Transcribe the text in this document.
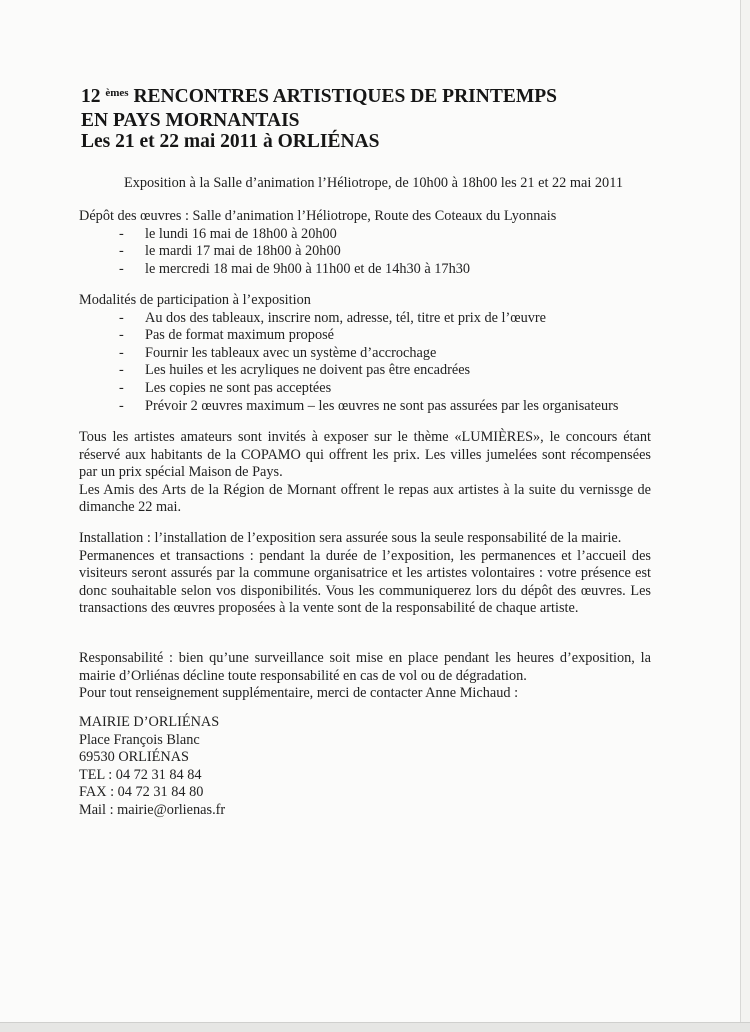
12 $^{èmes}$ RENCONTRES ARTISTIQUES DE PRINTEMPS
EN PAYS MORNANTAIS
Les 21 et 22 mai 2011 à ORLIÉNAS
Exposition à la Salle d’animation l’Héliotrope, de 10h00 à 18h00 les 21 et 22 mai 2011

Dépôt des œuvres : Salle d’animation l’Héliotrope, Route des Coteaux du Lyonnais

- le lundi 16 mai de 18h00 à 20h00
- le mardi 17 mai de 18h00 à 20h00
- le mercredi 18 mai de 9h00 à 11h00 et de 14h30 à 17h30

Modalités de participation à l’exposition

- Au dos des tableaux, inscrire nom, adresse, tél, titre et prix de l’œuvre
- Pas de format maximum proposé
- Fournir les tableaux avec un système d’accrochage
- Les huiles et les acryliques ne doivent pas être encadrées
- Les copies ne sont pas acceptées
- Prévoir 2 œuvres maximum – les œuvres ne sont pas assurées par les organisateurs

Tous les artistes amateurs sont invités à exposer sur le thème «LUMIÈRES», le concours étant réservé aux habitants de la COPAMO qui offrent les prix. Les villes jumelées sont récompensées par un prix spécial Maison de Pays.

Les Amis des Arts de la Région de Mornant offrent le repas aux artistes à la suite du vernissge de dimanche 22 mai.

Installation : l’installation de l’exposition sera assurée sous la seule responsabilité de la mairie.

Permanences et transactions : pendant la durée de l’exposition, les permanences et l’accueil des visiteurs seront assurés par la commune organisatrice et les artistes volontaires : votre présence est donc souhaitable selon vos disponibilités. Vous les communiquerez lors du dépôt des œuvres. Les transactions des œuvres proposées à la vente sont de la responsabilité de chaque artiste.

Responsabilité : bien qu’une surveillance soit mise en place pendant les heures d’exposition, la mairie d’Orliénas décline toute responsabilité en cas de vol ou de dégradation.

Pour tout renseignement supplémentaire, merci de contacter Anne Michaud :

MAIRIE D’ORLIÉNAS
Place François Blanc
69530 ORLIÉNAS
TEL : 04 72 31 84 84
FAX : 04 72 31 84 80
Mail : mairie@orlienas.fr
